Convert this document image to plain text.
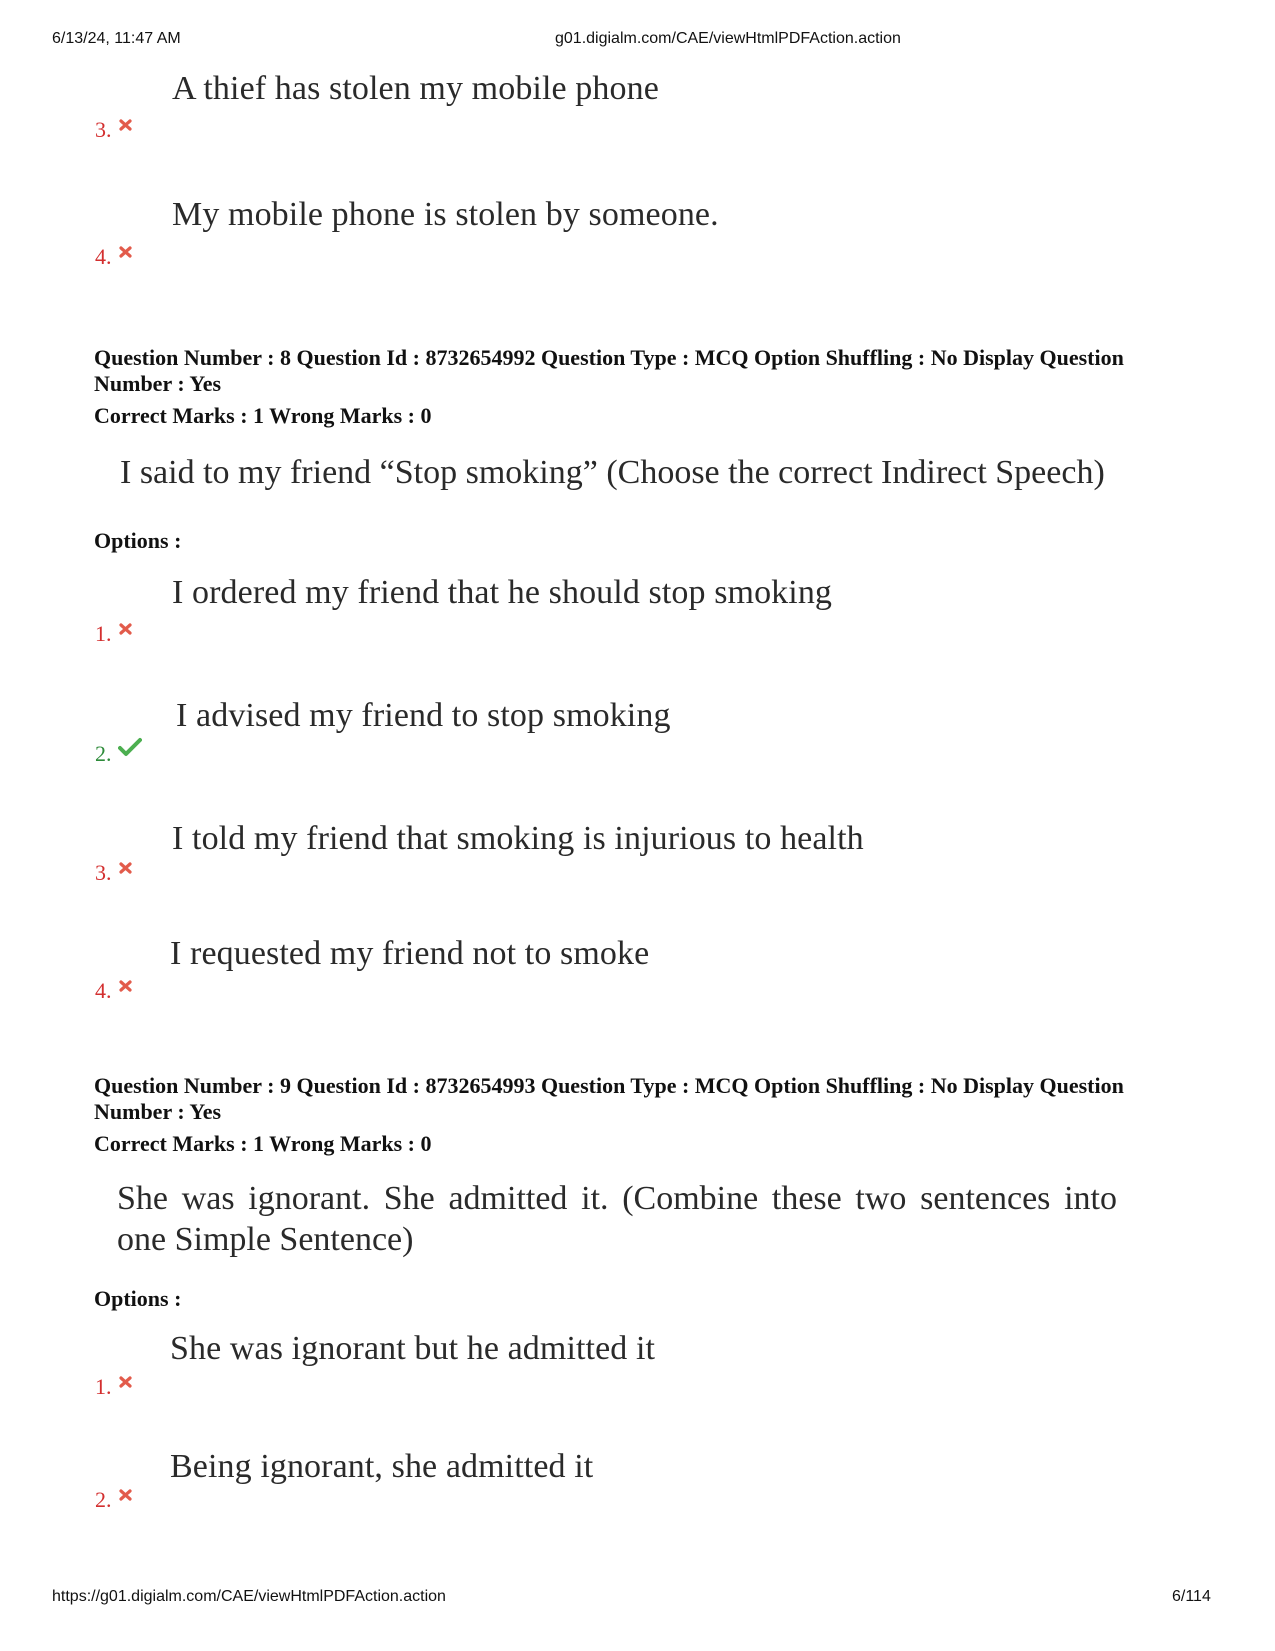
6/13/24, 11:47 AM	g01.digialm.com/CAE/viewHtmlPDFAction.action
A thief has stolen my mobile phone
3.
My mobile phone is stolen by someone.
4.
Question Number : 8 Question Id : 8732654992 Question Type : MCQ Option Shuffling : No Display Question
Number : Yes
Correct Marks : 1 Wrong Marks : 0
I said to my friend “Stop smoking” (Choose the correct Indirect Speech)
Options :
I ordered my friend that he should stop smoking
1.
I advised my friend to stop smoking
2.
I told my friend that smoking is injurious to health
3.
I requested my friend not to smoke
4.
Question Number : 9 Question Id : 8732654993 Question Type : MCQ Option Shuffling : No Display Question
Number : Yes
Correct Marks : 1 Wrong Marks : 0
She was ignorant. She admitted it. (Combine these two sentences into one Simple Sentence)
Options :
She was ignorant but he admitted it
1.
Being ignorant, she admitted it
2.
https://g01.digialm.com/CAE/viewHtmlPDFAction.action	6/114
